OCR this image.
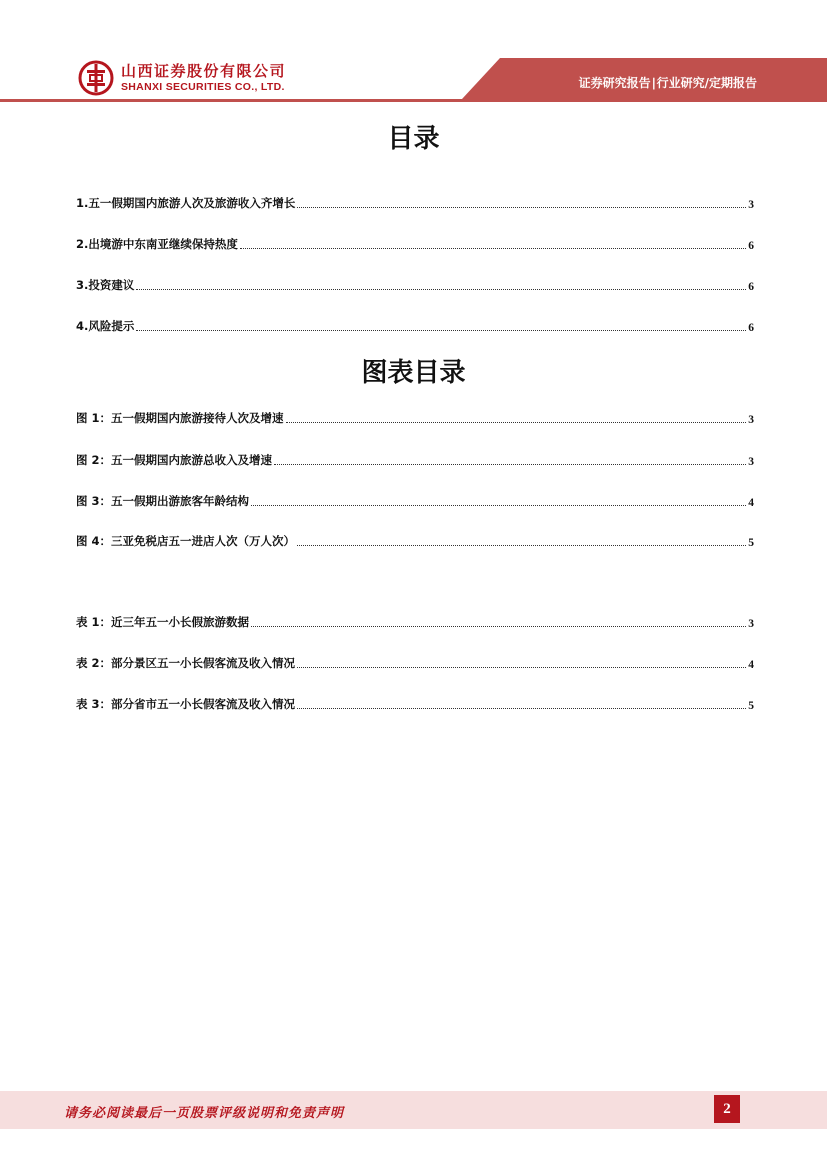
山西证券股份有限公司
SHANXI SECURITIES CO., LTD.	证券研究报告∣行业研究/定期报告
目录
1.五一假期国内旅游人次及旅游收入齐增长	3
2.出境游中东南亚继续保持热度	6
3.投资建议	6
4.风险提示	6
图表目录
图 1：五一假期国内旅游接待人次及增速	3
图 2：五一假期国内旅游总收入及增速	3
图 3：五一假期出游旅客年龄结构	4
图 4：三亚免税店五一进店人次（万人次）	5
表 1：近三年五一小长假旅游数据	3
表 2：部分景区五一小长假客流及收入情况	4
表 3：部分省市五一小长假客流及收入情况	5
请务必阅读最后一页股票评级说明和免责声明	2
